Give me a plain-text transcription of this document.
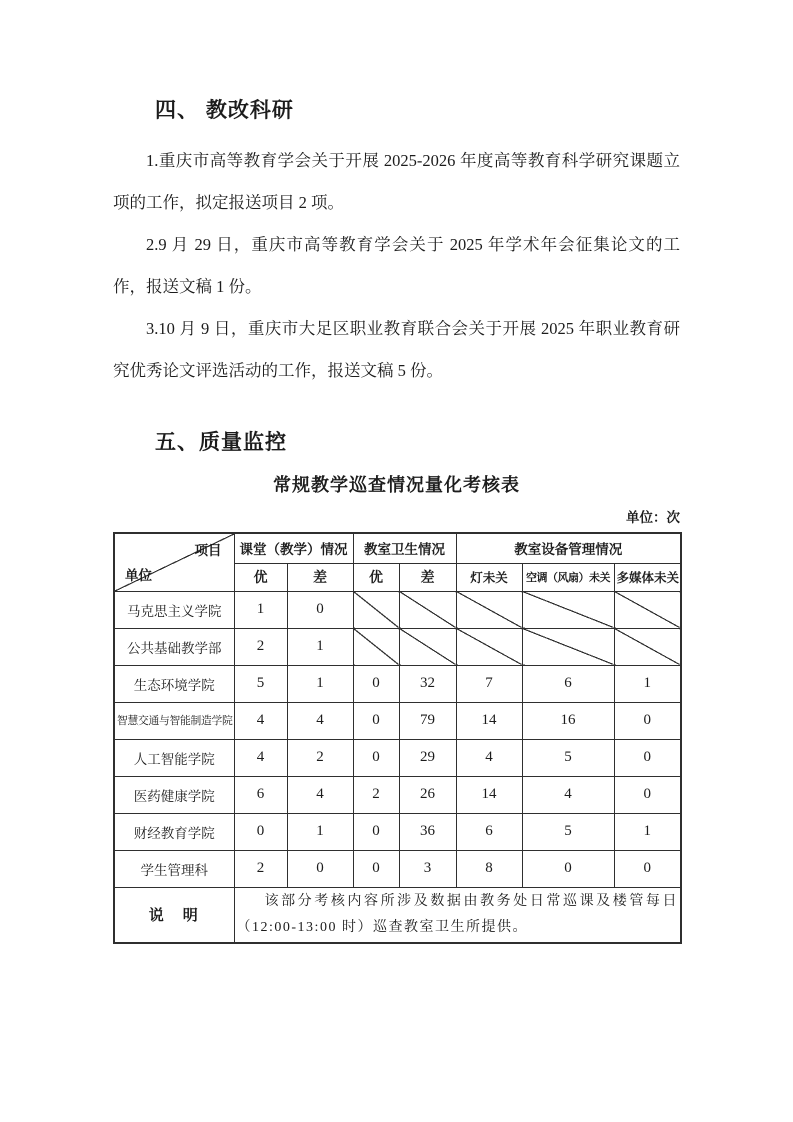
四、 教改科研

1.重庆市高等教育学会关于开展 2025-2026 年度高等教育科学研究课题立项的工作，拟定报送项目 2 项。

2.9 月 29 日，重庆市高等教育学会关于 2025 年学术年会征集论文的工作，报送文稿 1 份。

3.10 月 9 日，重庆市大足区职业教育联合会关于开展 2025 年职业教育研究优秀论文评选活动的工作，报送文稿 5 份。

五、质量监控
常规教学巡查情况量化考核表
单位：次
项目
单位	课堂（教学）情况		教室卫生情况		教室设备管理情况		
	优	差	优	差	灯未关	空调（风扇）未关	多媒体未关
马克思主义学院	1	0					
公共基础教学部	2	1					
生态环境学院	5	1	0	32	7	6	1
智慧交通与智能制造学院	4	4	0	79	14	16	0
人工智能学院	4	2	0	29	4	5	0
医药健康学院	6	4	2	26	14	4	0
财经教育学院	0	1	0	36	6	5	1
学生管理科	2	0	0	3	8	0	0
说　明	该部分考核内容所涉及数据由教务处日常巡课及楼管每日（12:00-13:00 时）巡查教室卫生所提供。						
